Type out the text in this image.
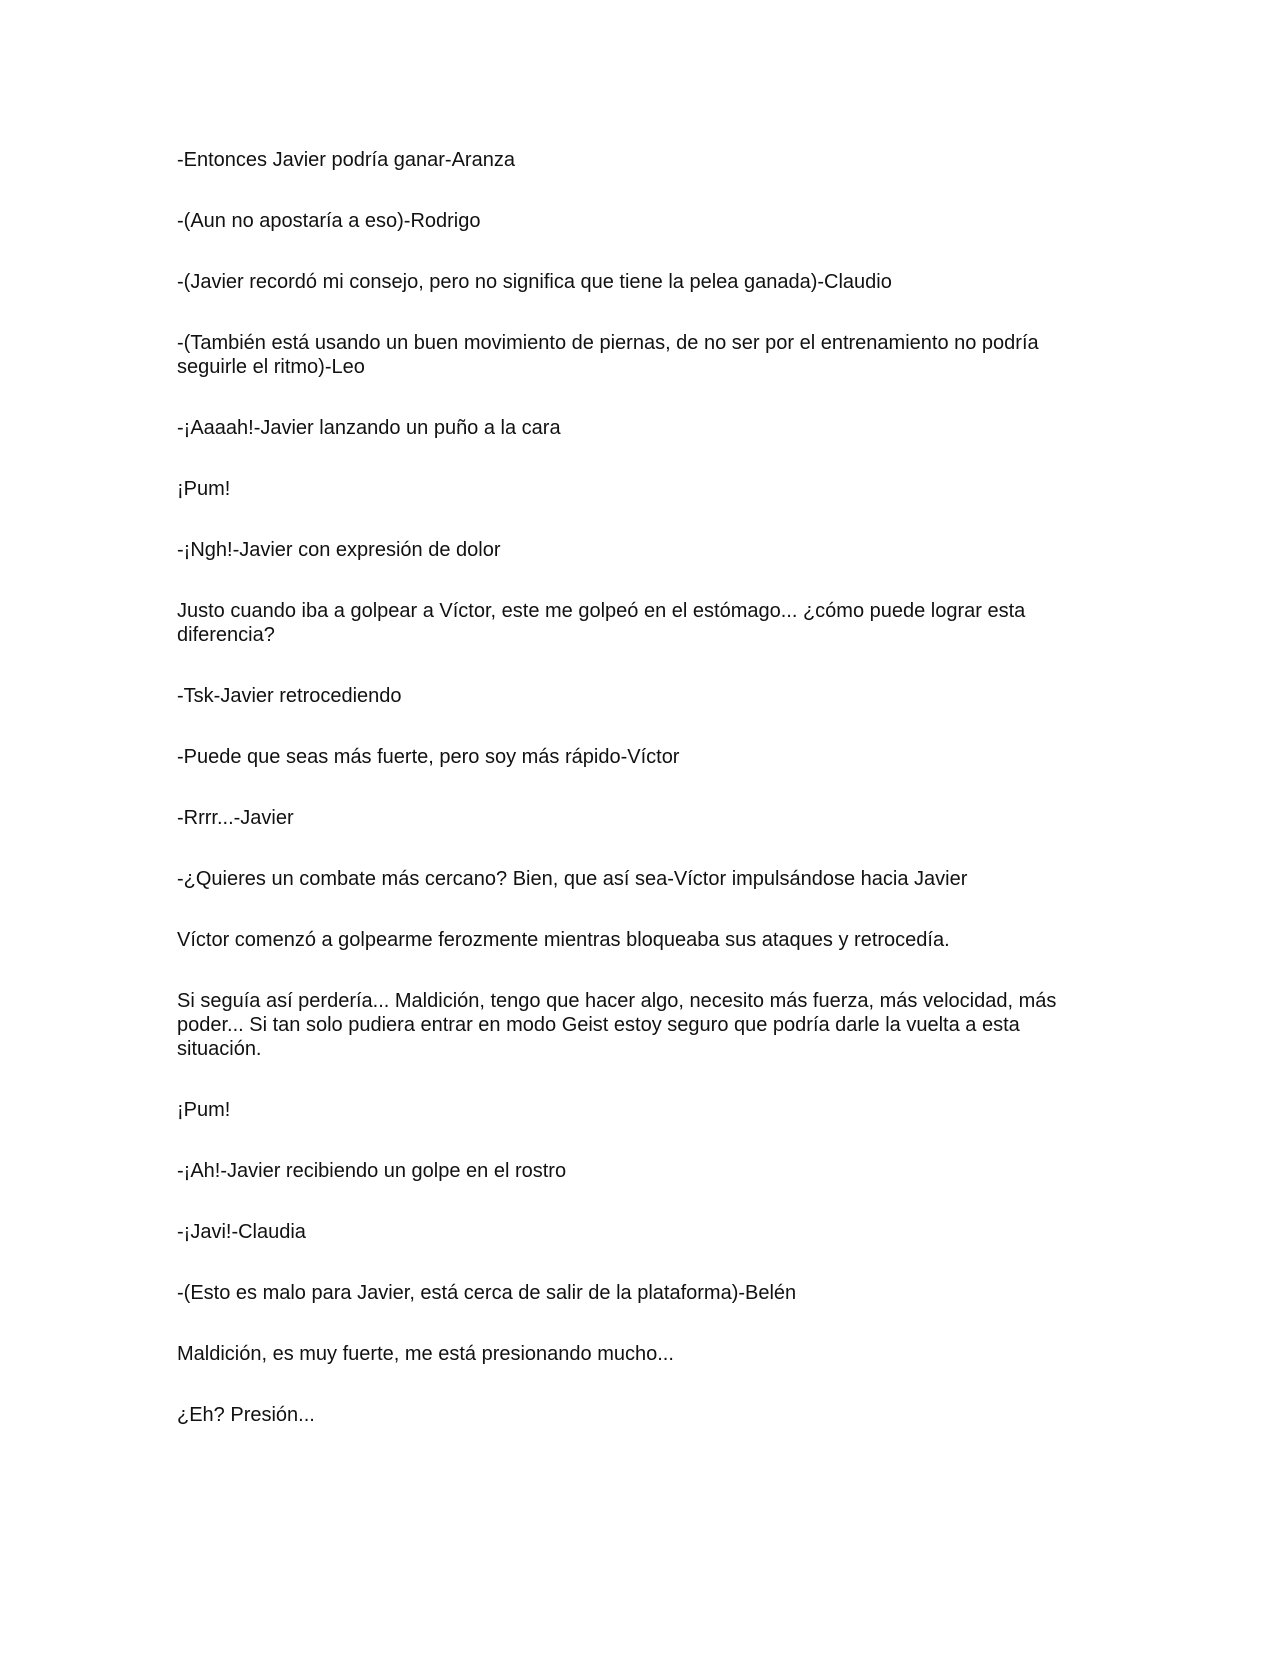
-Entonces Javier podría ganar-Aranza

-(Aun no apostaría a eso)-Rodrigo

-(Javier recordó mi consejo, pero no significa que tiene la pelea ganada)-Claudio

-(También está usando un buen movimiento de piernas, de no ser por el entrenamiento no podría seguirle el ritmo)-Leo

-¡Aaaah!-Javier lanzando un puño a la cara

¡Pum!

-¡Ngh!-Javier con expresión de dolor

Justo cuando iba a golpear a Víctor, este me golpeó en el estómago... ¿cómo puede lograr esta diferencia?

-Tsk-Javier retrocediendo

-Puede que seas más fuerte, pero soy más rápido-Víctor

-Rrrr...-Javier

-¿Quieres un combate más cercano? Bien, que así sea-Víctor impulsándose hacia Javier

Víctor comenzó a golpearme ferozmente mientras bloqueaba sus ataques y retrocedía.

Si seguía así perdería... Maldición, tengo que hacer algo, necesito más fuerza, más velocidad, más poder... Si tan solo pudiera entrar en modo Geist estoy seguro que podría darle la vuelta a esta situación.

¡Pum!

-¡Ah!-Javier recibiendo un golpe en el rostro

-¡Javi!-Claudia

-(Esto es malo para Javier, está cerca de salir de la plataforma)-Belén

Maldición, es muy fuerte, me está presionando mucho...

¿Eh? Presión...
